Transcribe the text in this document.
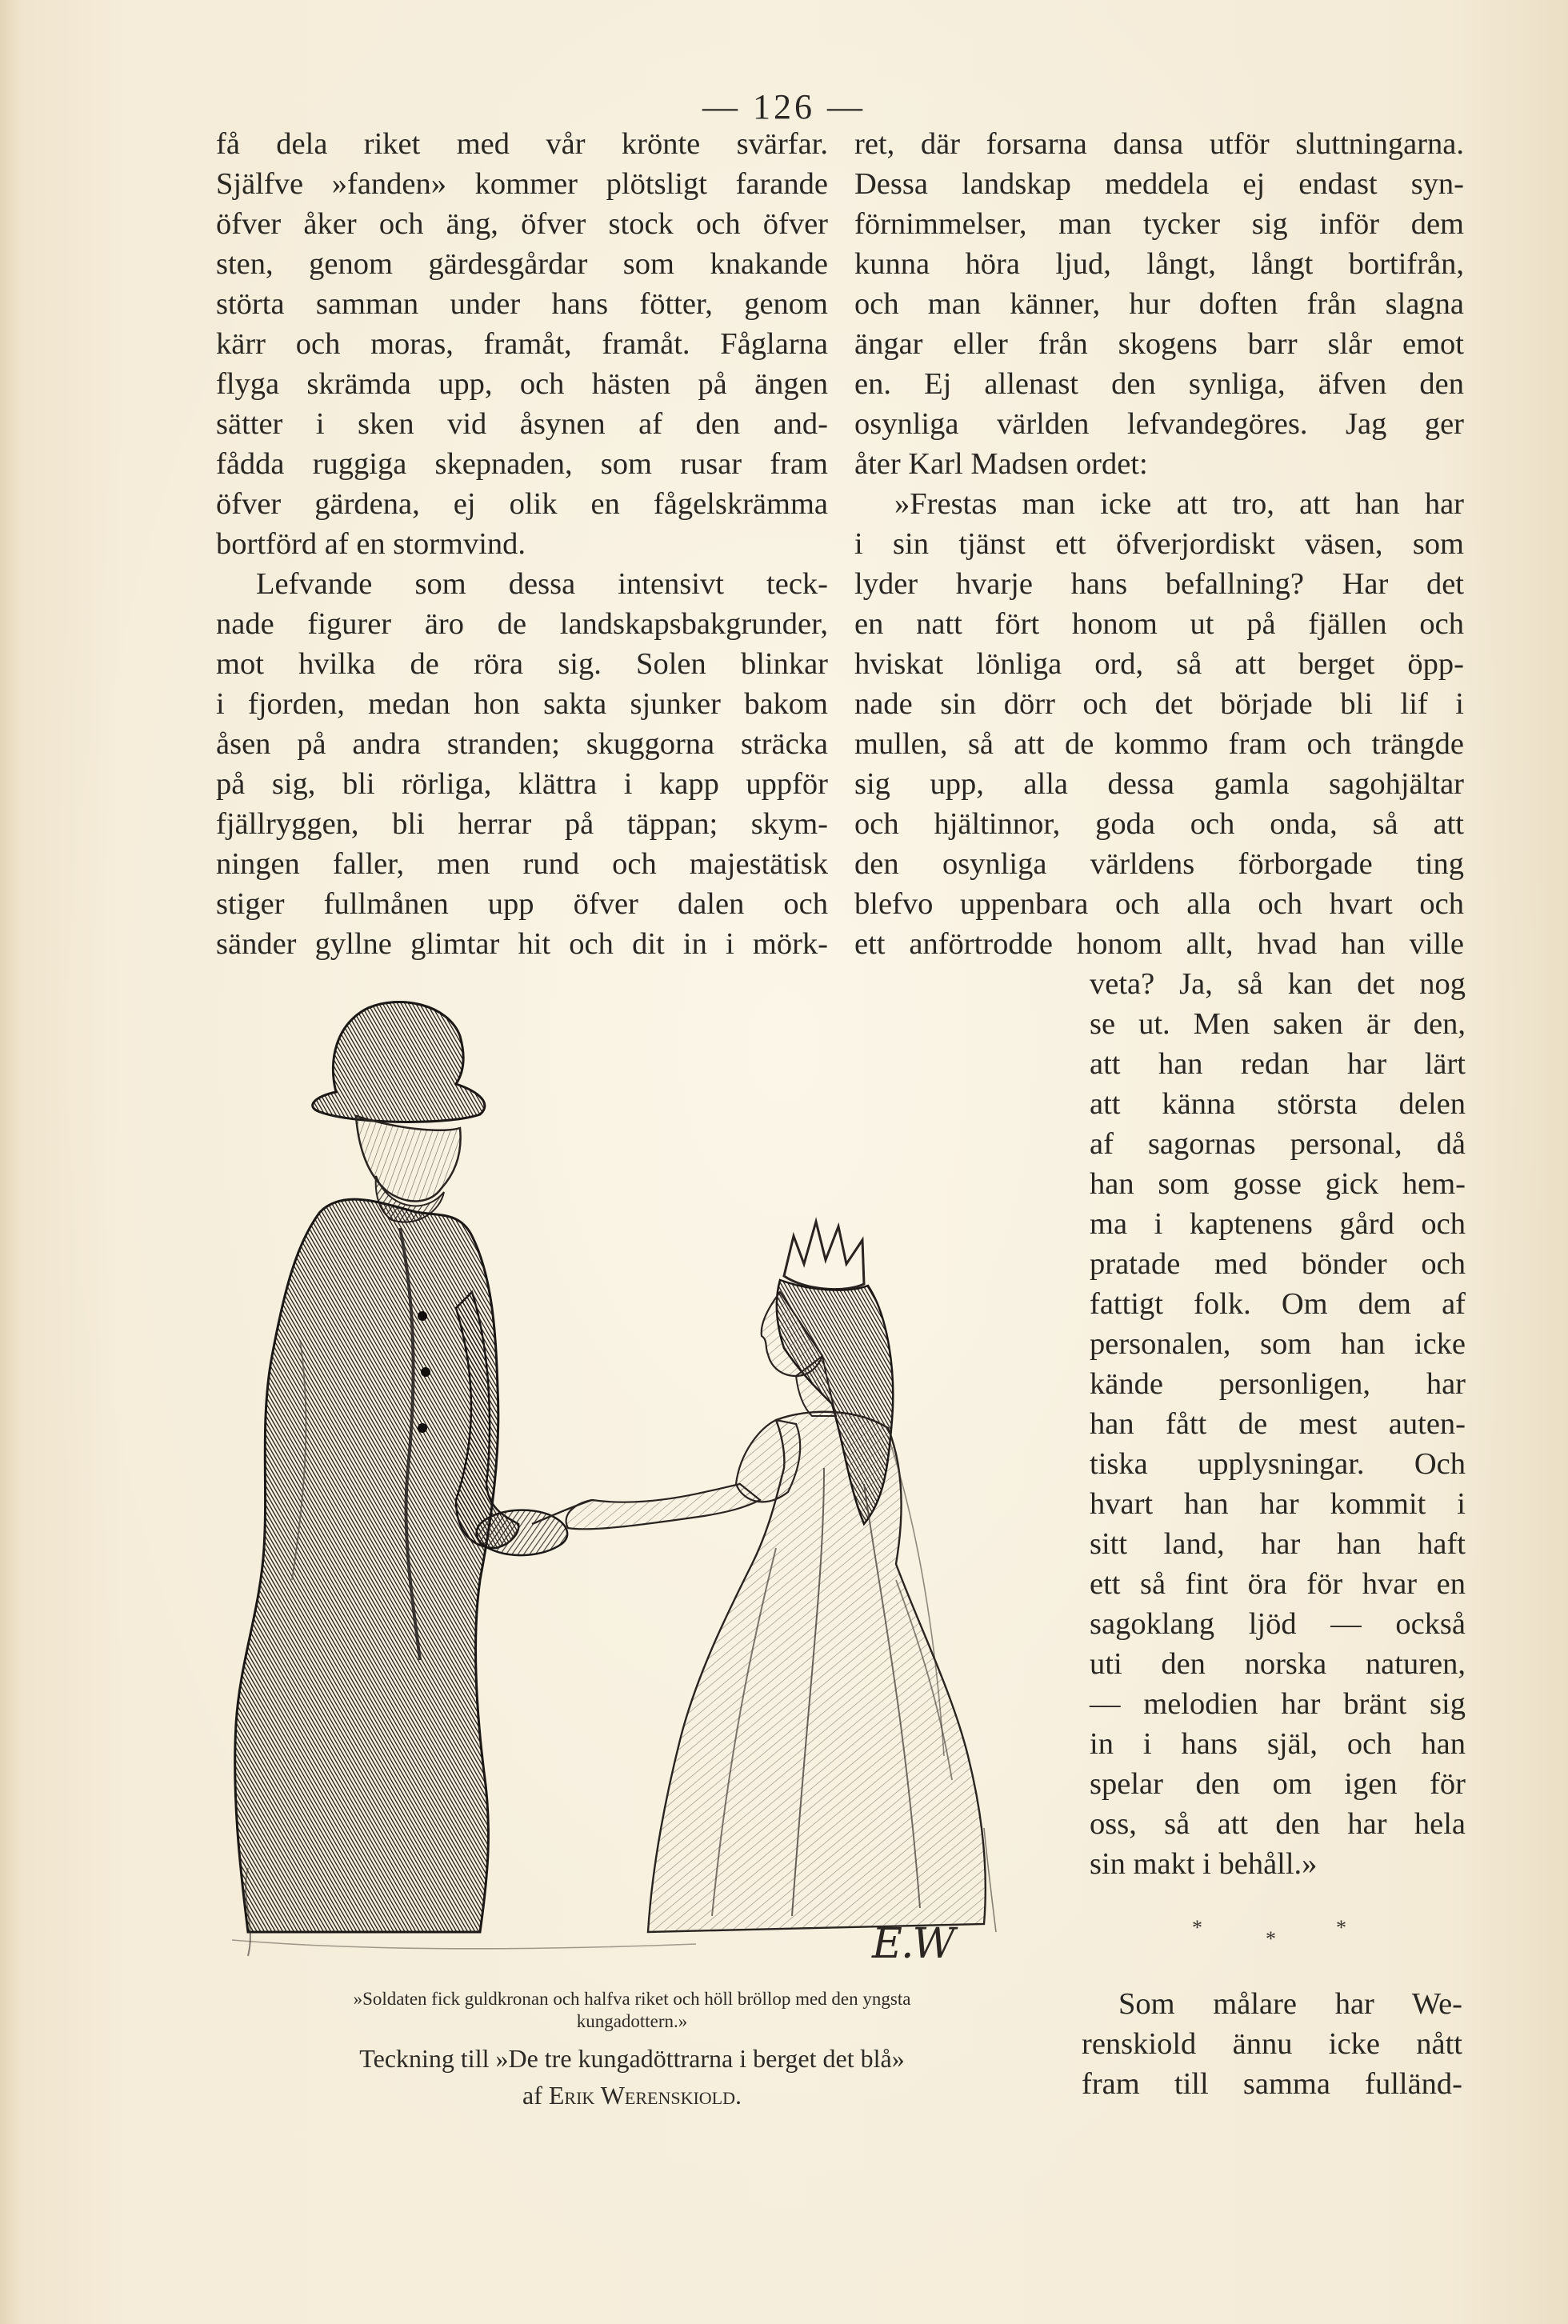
— 126 —
få dela riket med vår krönte svärfar.
Själfve »fanden» kommer plötsligt farande
öfver åker och äng, öfver stock och öfver
sten, genom gärdesgårdar som knakande
störta samman under hans fötter, genom
kärr och moras, framåt, framåt. Fåglarna
flyga skrämda upp, och hästen på ängen
sätter i sken vid åsynen af den and-
fådda ruggiga skepnaden, som rusar fram
öfver gärdena, ej olik en fågelskrämma
bortförd af en stormvind.
Lefvande som dessa intensivt teck-
nade figurer äro de landskapsbakgrunder,
mot hvilka de röra sig. Solen blinkar
i fjorden, medan hon sakta sjunker bakom
åsen på andra stranden; skuggorna sträcka
på sig, bli rörliga, klättra i kapp uppför
fjällryggen, bli herrar på täppan; skym-
ningen faller, men rund och majestätisk
stiger fullmånen upp öfver dalen och
sänder gyllne glimtar hit och dit in i mörk-
ret, där forsarna dansa utför sluttningarna.
Dessa landskap meddela ej endast syn-
förnimmelser, man tycker sig inför dem
kunna höra ljud, långt, långt bortifrån,
och man känner, hur doften från slagna
ängar eller från skogens barr slår emot
en. Ej allenast den synliga, äfven den
osynliga världen lefvandegöres. Jag ger
åter Karl Madsen ordet:
»Frestas man icke att tro, att han har
i sin tjänst ett öfverjordiskt väsen, som
lyder hvarje hans befallning? Har det
en natt fört honom ut på fjällen och
hviskat lönliga ord, så att berget öpp-
nade sin dörr och det började bli lif i
mullen, så att de kommo fram och trängde
sig upp, alla dessa gamla sagohjältar
och hjältinnor, goda och onda, så att
den osynliga världens förborgade ting
blefvo uppenbara och alla och hvart och
ett anförtrodde honom allt, hvad han ville
veta? Ja, så kan det nog
se ut. Men saken är den,
att han redan har lärt
att känna största delen
af sagornas personal, då
han som gosse gick hem-
ma i kaptenens gård och
pratade med bönder och
fattigt folk. Om dem af
personalen, som han icke
kände personligen, har
han fått de mest auten-
tiska upplysningar. Och
hvart han har kommit i
sitt land, har han haft
ett så fint öra för hvar en
sagoklang ljöd — också
uti den norska naturen,
— melodien har bränt sig
in i hans själ, och han
spelar den om igen för
oss, så att den har hela
sin makt i behåll.»
*	*	*
Som målare har We-
renskiold ännu icke nått
fram till samma fulländ-
E.W
»Soldaten fick guldkronan och halfva riket och höll bröllop med den yngsta
kungadottern.»
Teckning till »De tre kungadöttrarna i berget det blå»
af Erik Werenskiold.
